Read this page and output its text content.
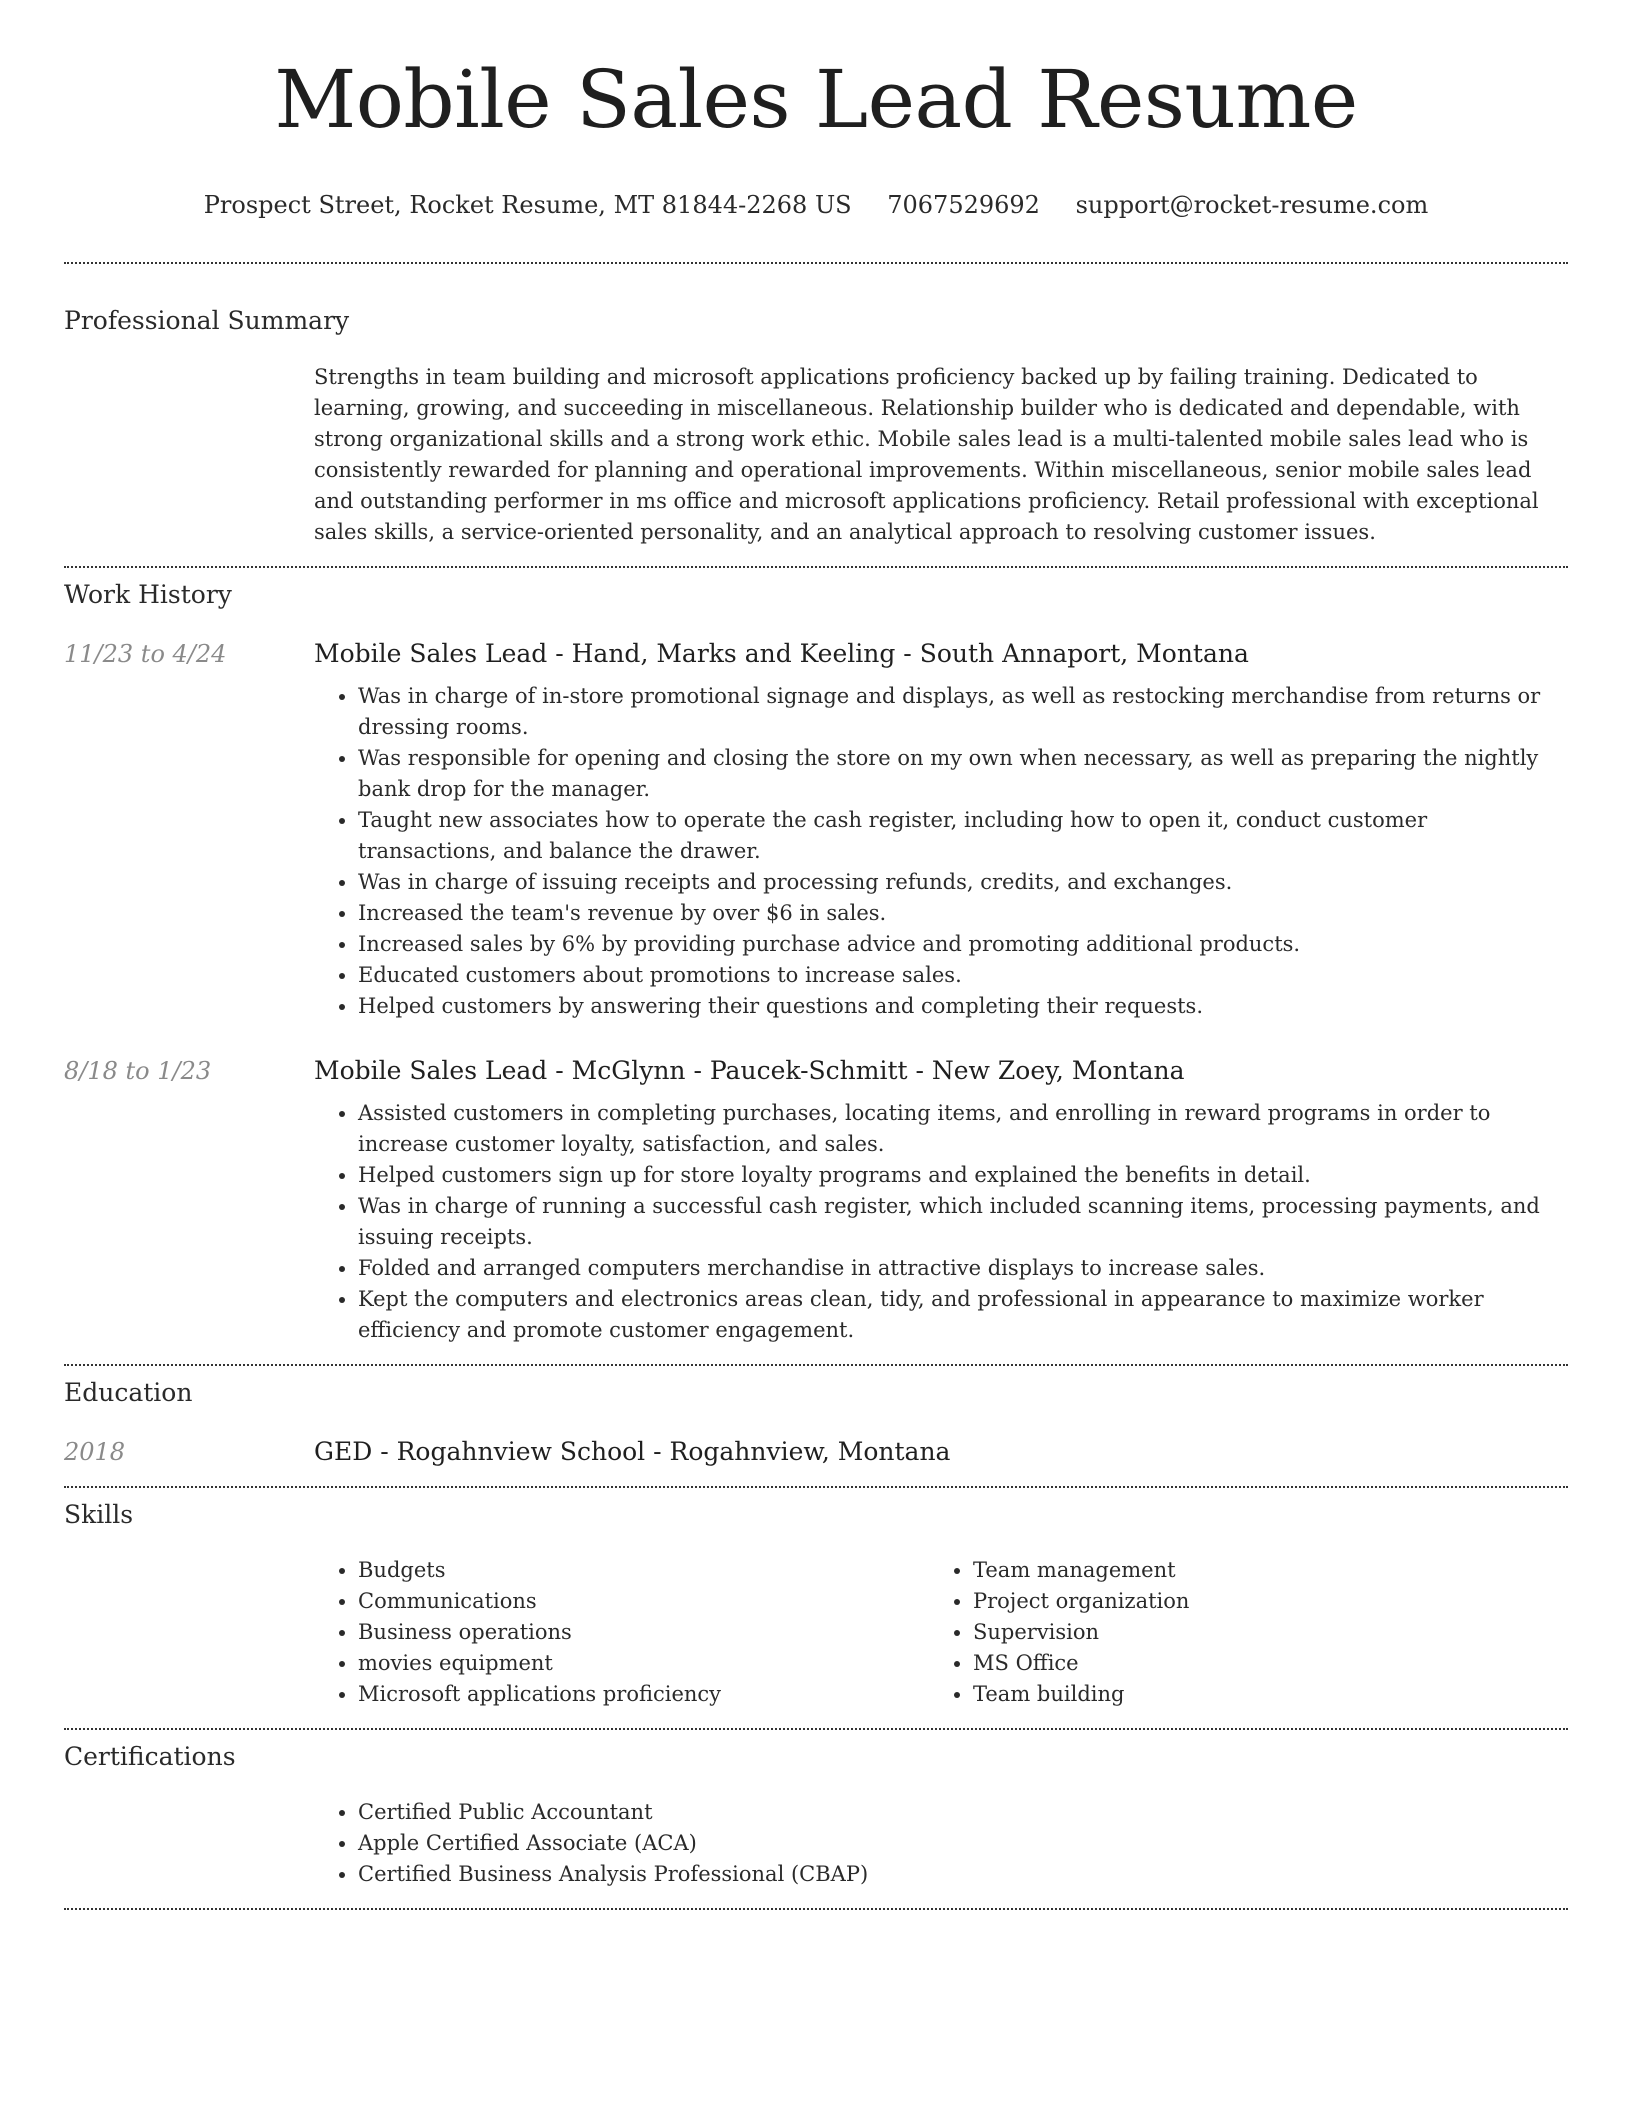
Mobile Sales Lead Resume
Prospect Street, Rocket Resume, MT 81844-2268 US 7067529692 support@rocket-resume.com
Professional Summary

Strengths in team building and microsoft applications proficiency backed up by failing training. Dedicated to learning, growing, and succeeding in miscellaneous. Relationship builder who is dedicated and dependable, with strong organizational skills and a strong work ethic. Mobile sales lead is a multi-talented mobile sales lead who is consistently rewarded for planning and operational improvements. Within miscellaneous, senior mobile sales lead and outstanding performer in ms office and microsoft applications proficiency. Retail professional with exceptional sales skills, a service-oriented personality, and an analytical approach to resolving customer issues.

Work History
11/23 to 4/24	Mobile Sales Lead - Hand, Marks and Keeling - South Annaport, Montana
• Was in charge of in-store promotional signage and displays, as well as restocking merchandise from returns or dressing rooms.
• Was responsible for opening and closing the store on my own when necessary, as well as preparing the nightly bank drop for the manager.
• Taught new associates how to operate the cash register, including how to open it, conduct customer transactions, and balance the drawer.
• Was in charge of issuing receipts and processing refunds, credits, and exchanges.
• Increased the team's revenue by over $6 in sales.
• Increased sales by 6% by providing purchase advice and promoting additional products.
• Educated customers about promotions to increase sales.
• Helped customers by answering their questions and completing their requests.
8/18 to 1/23	Mobile Sales Lead - McGlynn - Paucek-Schmitt - New Zoey, Montana
• Assisted customers in completing purchases, locating items, and enrolling in reward programs in order to increase customer loyalty, satisfaction, and sales.
• Helped customers sign up for store loyalty programs and explained the benefits in detail.
• Was in charge of running a successful cash register, which included scanning items, processing payments, and issuing receipts.
• Folded and arranged computers merchandise in attractive displays to increase sales.
• Kept the computers and electronics areas clean, tidy, and professional in appearance to maximize worker efficiency and promote customer engagement.
Education
2018	GED - Rogahnview School - Rogahnview, Montana
Skills
• Budgets
• Communications
• Business operations
• movies equipment
• Microsoft applications proficiency
• Team management
• Project organization
• Supervision
• MS Office
• Team building
Certifications
• Certified Public Accountant
• Apple Certified Associate (ACA)
• Certified Business Analysis Professional (CBAP)
